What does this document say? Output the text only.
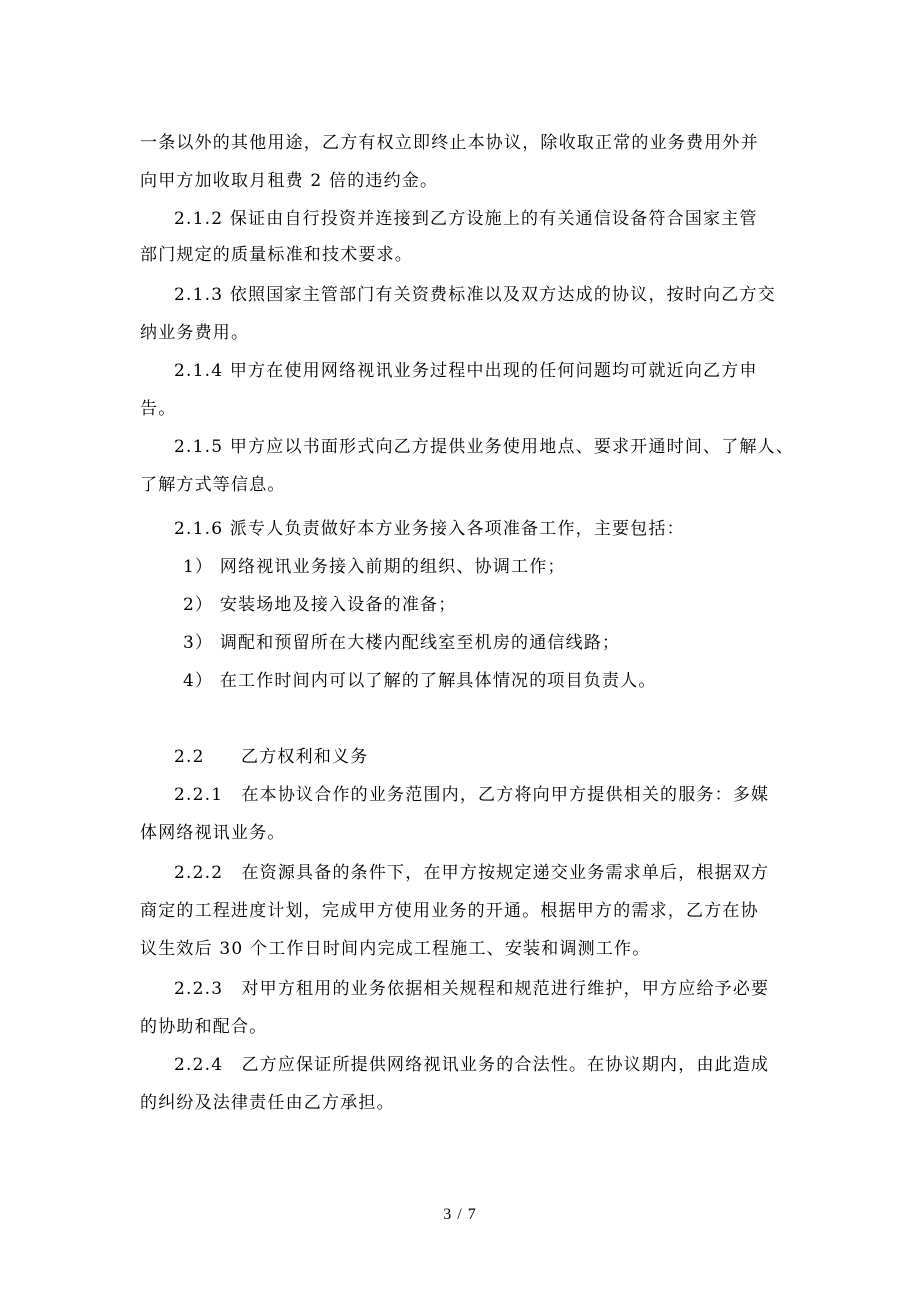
一条以外的其他用途，乙方有权立即终止本协议，除收取正常的业务费用外并
向甲方加收取月租费 2 倍的违约金。
2.1.2 保证由自行投资并连接到乙方设施上的有关通信设备符合国家主管
部门规定的质量标准和技术要求。
2.1.3 依照国家主管部门有关资费标准以及双方达成的协议，按时向乙方交
纳业务费用。
2.1.4 甲方在使用网络视讯业务过程中出现的任何问题均可就近向乙方申
告。
2.1.5 甲方应以书面形式向乙方提供业务使用地点、要求开通时间、了解人、
了解方式等信息。
2.1.6 派专人负责做好本方业务接入各项准备工作，主要包括：
1） 网络视讯业务接入前期的组织、协调工作；
2） 安装场地及接入设备的准备；
3） 调配和预留所在大楼内配线室至机房的通信线路；
4） 在工作时间内可以了解的了解具体情况的项目负责人。
2.2　　乙方权利和义务
2.2.1　在本协议合作的业务范围内，乙方将向甲方提供相关的服务：多媒
体网络视讯业务。
2.2.2　在资源具备的条件下，在甲方按规定递交业务需求单后，根据双方
商定的工程进度计划，完成甲方使用业务的开通。根据甲方的需求，乙方在协
议生效后 30 个工作日时间内完成工程施工、安装和调测工作。
2.2.3　对甲方租用的业务依据相关规程和规范进行维护，甲方应给予必要
的协助和配合。
2.2.4　乙方应保证所提供网络视讯业务的合法性。在协议期内，由此造成
的纠纷及法律责任由乙方承担。
3 / 7
